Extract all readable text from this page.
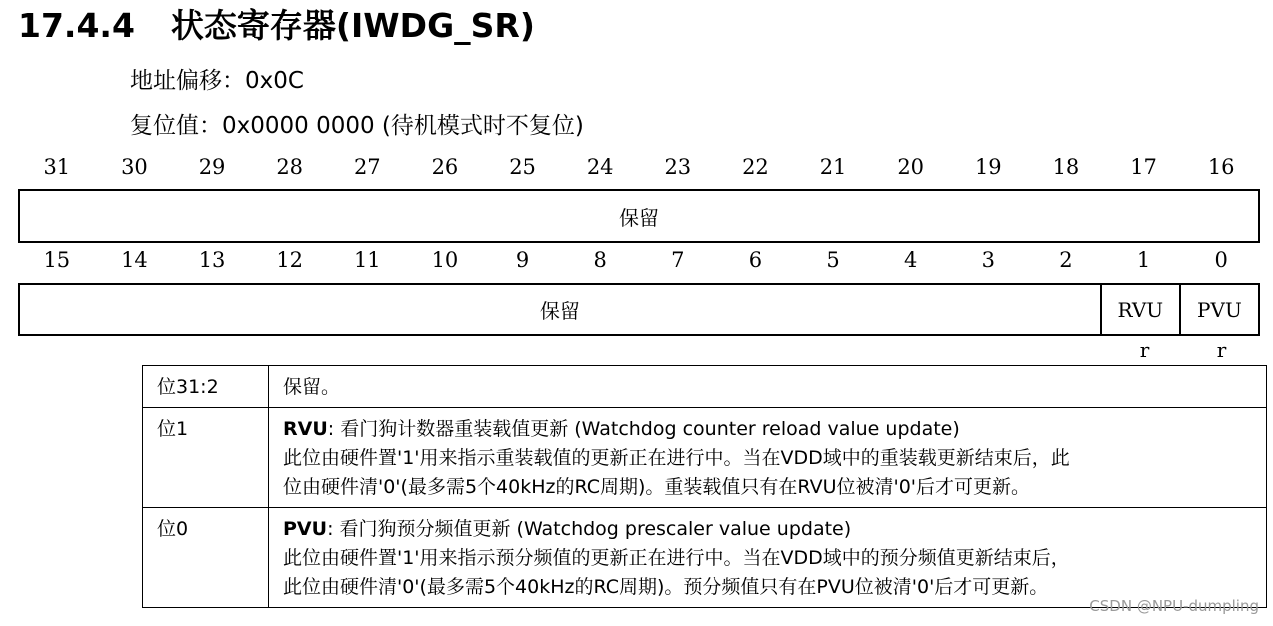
17.4.4 状态寄存器(IWDG_SR)
地址偏移：0x0C
复位值：0x0000 0000 (待机模式时不复位)
31	30	29	28	27	26	25	24	23	22	21	20	19	18	17	16
保留
15	14	13	12	11	10	9	8	7	6	5	4	3	2	1	0
保留	RVU	PVU
r	r
位31:2	保留。
位1	RVU: 看门狗计数器重装载值更新 (Watchdog counter reload value update)
此位由硬件置'1'用来指示重装载值的更新正在进行中。当在VDD域中的重装载更新结束后，此
位由硬件清'0'(最多需5个40kHz的RC周期)。重装载值只有在RVU位被清'0'后才可更新。

位0	PVU: 看门狗预分频值更新 (Watchdog prescaler value update)
此位由硬件置'1'用来指示预分频值的更新正在进行中。当在VDD域中的预分频值更新结束后，
此位由硬件清'0'(最多需5个40kHz的RC周期)。预分频值只有在PVU位被清'0'后才可更新。
CSDN @NPU-dumpling
